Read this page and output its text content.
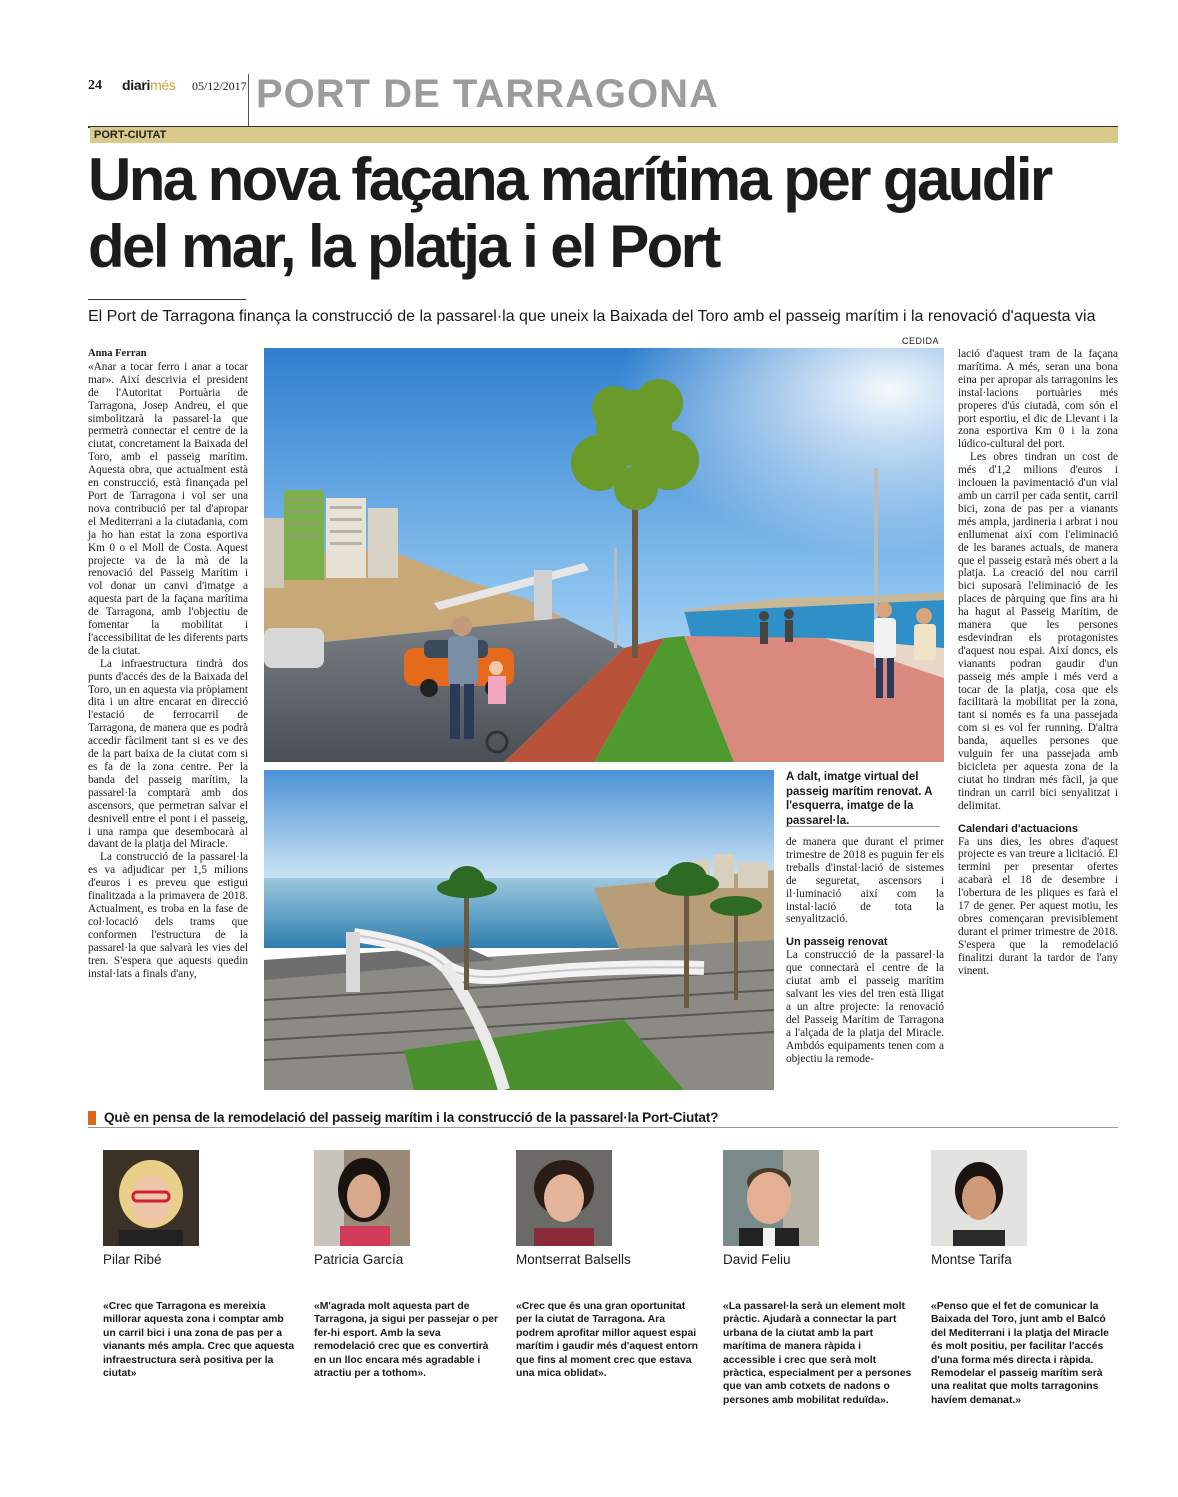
24 diarimés 05/12/2017 PORT DE TARRAGONA
PORT-CIUTAT
Una nova façana marítima per gaudir del mar, la platja i el Port
El Port de Tarragona finança la construcció de la passarel·la que uneix la Baixada del Toro amb el passeig marítim i la renovació d'aquesta via
CEDIDA
Anna Ferran

«Anar a tocar ferro i anar a tocar mar». Així descrivia el president de l'Autoritat Portuària de Tarragona, Josep Andreu, el que simbolitzarà la passarel·la que permetrà connectar el centre de la ciutat, concretament la Baixada del Toro, amb el passeig marítim. Aquesta obra, que actualment està en construcció, està finançada pel Port de Tarragona i vol ser una nova contribució per tal d'apropar el Mediterrani a la ciutadania, com ja ho han estat la zona esportiva Km 0 o el Moll de Costa. Aquest projecte va de la mà de la renovació del Passeig Marítim i vol donar un canvi d'imatge a aquesta part de la façana marítima de Tarragona, amb l'objectiu de fomentar la mobilitat i l'accessibilitat de les diferents parts de la ciutat.

La infraestructura tindrà dos punts d'accés des de la Baixada del Toro, un en aquesta via pròpiament dita i un altre encarat en direcció l'estació de ferrocarril de Tarragona, de manera que es podrà accedir fàcilment tant si es ve des de la part baixa de la ciutat com si es fa de la zona centre. Per la banda del passeig marítim, la passarel·la comptarà amb dos ascensors, que permetran salvar el desnivell entre el pont i el passeig, i una rampa que desembocarà al davant de la platja del Miracle.

La construcció de la passarel·la es va adjudicar per 1,5 milions d'euros i es preveu que estigui finalitzada a la primavera de 2018. Actualment, es troba en la fase de col·locació dels trams que conformen l'estructura de la passarel·la que salvarà les vies del tren. S'espera que aquests quedin instal·lats a finals d'any,

A dalt, imatge virtual del passeig marítim renovat. A l'esquerra, imatge de la passarel·la.

de manera que durant el primer trimestre de 2018 es puguin fer els treballs d'instal·lació de sistemes de seguretat, ascensors i il·luminació així com la instal·lació de tota la senyalització.

Un passeig renovat

La construcció de la passarel·la que connectarà el centre de la ciutat amb el passeig marítim salvant les vies del tren està lligat a un altre projecte: la renovació del Passeig Marítim de Tarragona a l'alçada de la platja del Miracle. Ambdós equipaments tenen com a objectiu la remode-

lació d'aquest tram de la façana marítima. A més, seran una bona eina per apropar als tarragonins les instal·lacions portuàries més properes d'ús ciutadà, com són el port esportiu, el dic de Llevant i la zona esportiva Km 0 i la zona lúdico-cultural del port.

Les obres tindran un cost de més d'1,2 milions d'euros i inclouen la pavimentació d'un vial amb un carril per cada sentit, carril bici, zona de pas per a vianants més ampla, jardineria i arbrat i nou enllumenat així com l'eliminació de les baranes actuals, de manera que el passeig estarà més obert a la platja. La creació del nou carril bici suposarà l'eliminació de les places de pàrquing que fins ara hi ha hagut al Passeig Marítim, de manera que les persones esdevindran els protagonistes d'aquest nou espai. Així doncs, els vianants podran gaudir d'un passeig més ample i més verd a tocar de la platja, cosa que els facilitarà la mobilitat per la zona, tant si només es fa una passejada com si es vol fer running. D'altra banda, aquelles persones que vulguin fer una passejada amb bicicleta per aquesta zona de la ciutat ho tindran més fàcil, ja que tindran un carril bici senyalitzat i delimitat.

Calendari d'actuacions

Fa uns dies, les obres d'aquest projecte es van treure a licitació. El termini per presentar ofertes acabarà el 18 de desembre i l'obertura de les pliques es farà el 17 de gener. Per aquest motiu, les obres començaran previsiblement durant el primer trimestre de 2018. S'espera que la remodelació finalitzi durant la tardor de l'any vinent.

Què en pensa de la remodelació del passeig marítim i la construcció de la passarel·la Port-Ciutat?
Pilar Ribé	Patricia García	Montserrat Balsells	David Feliu	Montse Tarifa
«Crec que Tarragona es mereixia millorar aquesta zona i comptar amb un carril bici i una zona de pas per a vianants més ampla. Crec que aquesta infraestructura serà positiva per la ciutat»
«M'agrada molt aquesta part de Tarragona, ja sigui per passejar o per fer-hi esport. Amb la seva remodelació crec que es convertirà en un lloc encara més agradable i atractiu per a tothom».
«Crec que és una gran oportunitat per la ciutat de Tarragona. Ara podrem aprofitar millor aquest espai marítim i gaudir més d'aquest entorn que fins al moment crec que estava una mica oblidat».
«La passarel·la serà un element molt pràctic. Ajudarà a connectar la part urbana de la ciutat amb la part marítima de manera ràpida i accessible i crec que serà molt pràctica, especialment per a persones que van amb cotxets de nadons o persones amb mobilitat reduïda».
«Penso que el fet de comunicar la Baixada del Toro, junt amb el Balcó del Mediterrani i la platja del Miracle és molt positiu, per facilitar l'accés d'una forma més directa i ràpida. Remodelar el passeig marítim serà una realitat que molts tarragonins havíem demanat.»
